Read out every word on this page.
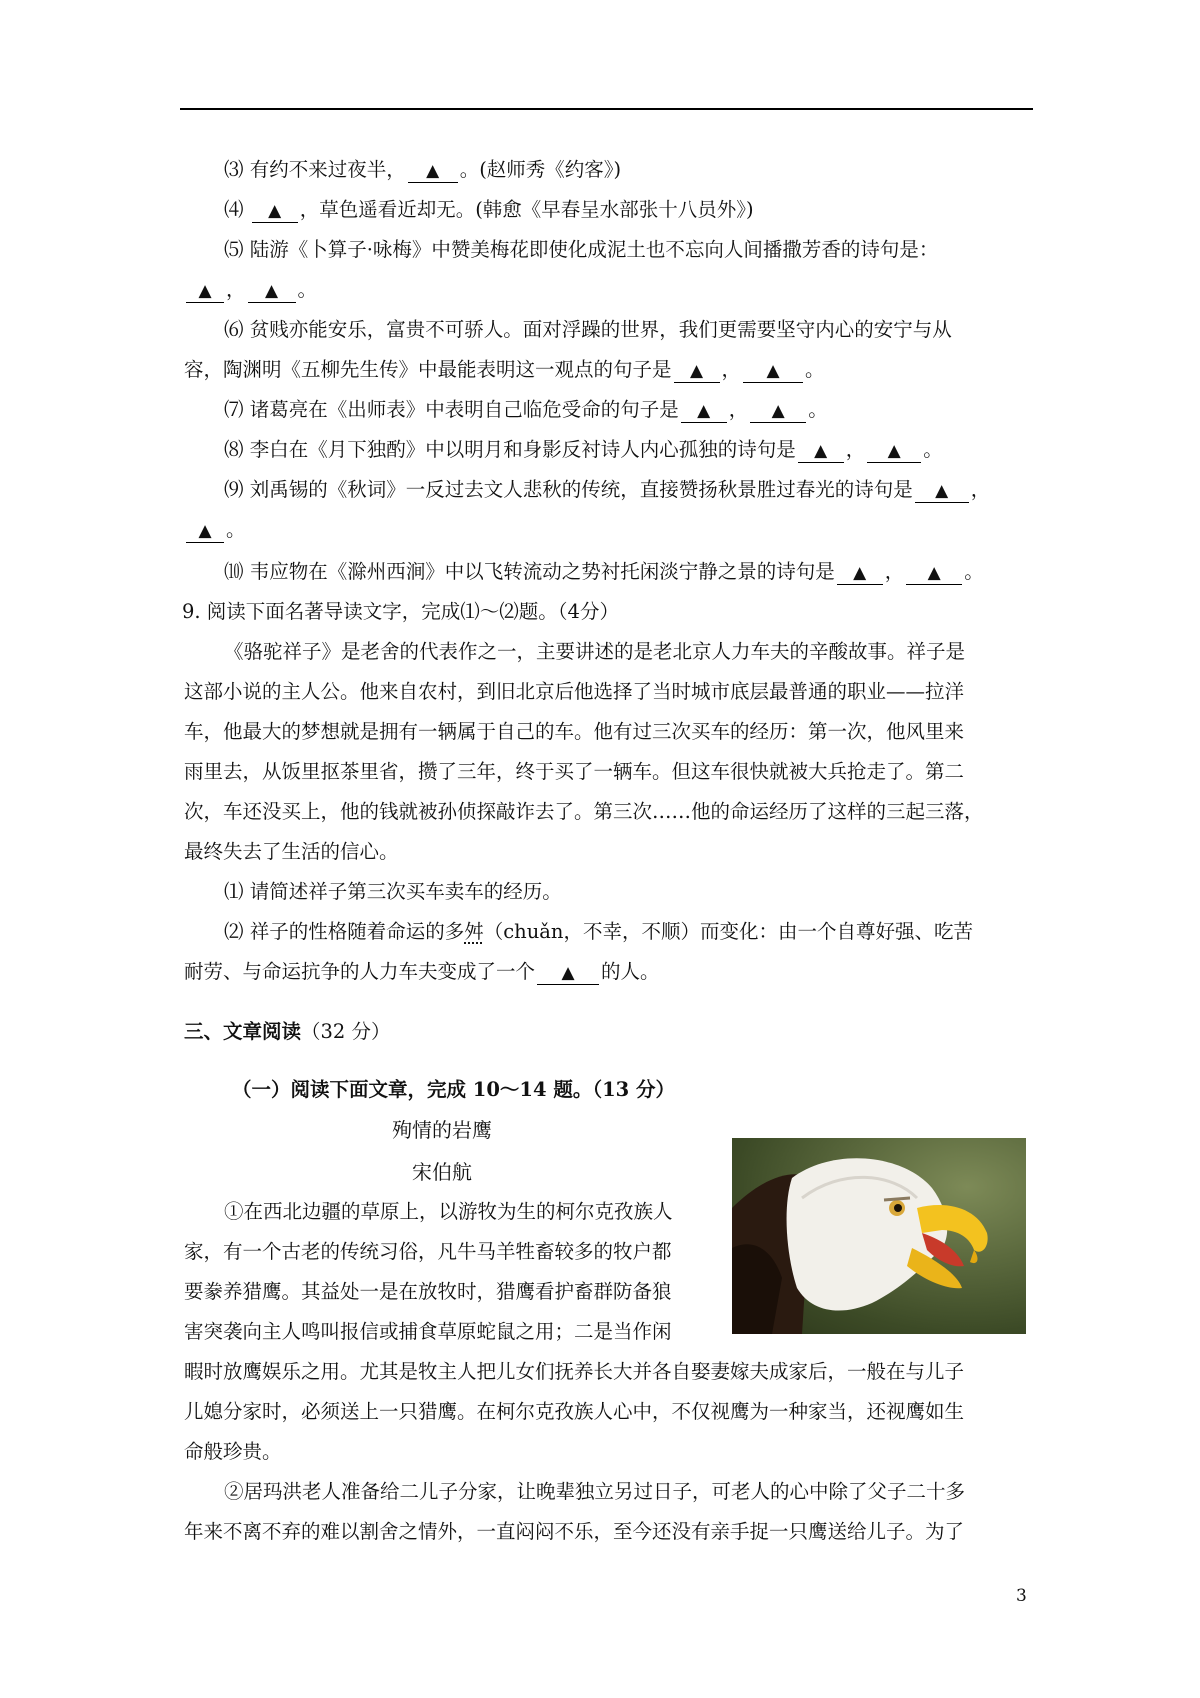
⑶ 有约不来过夜半， ▲ 。(赵师秀《约客》)
⑷ ▲ ，草色遥看近却无。(韩愈《早春呈水部张十八员外》)
⑸ 陆游《卜算子·咏梅》中赞美梅花即使化成泥土也不忘向人间播撒芳香的诗句是：
▲ ， ▲ 。
⑹ 贫贱亦能安乐，富贵不可骄人。面对浮躁的世界，我们更需要坚守内心的安宁与从
容，陶渊明《五柳先生传》中最能表明这一观点的句子是 ▲ ， ▲ 。
⑺ 诸葛亮在《出师表》中表明自己临危受命的句子是 ▲ ， ▲ 。
⑻ 李白在《月下独酌》中以明月和身影反衬诗人内心孤独的诗句是 ▲ ， ▲ 。
⑼ 刘禹锡的《秋词》一反过去文人悲秋的传统，直接赞扬秋景胜过春光的诗句是 ▲ ，
▲ 。
⑽ 韦应物在《滁州西涧》中以飞转流动之势衬托闲淡宁静之景的诗句是 ▲ ， ▲ 。
9. 阅读下面名著导读文字，完成⑴～⑵题。（4分）
《骆驼祥子》是老舍的代表作之一，主要讲述的是老北京人力车夫的辛酸故事。祥子是
这部小说的主人公。他来自农村，到旧北京后他选择了当时城市底层最普通的职业——拉洋
车，他最大的梦想就是拥有一辆属于自己的车。他有过三次买车的经历：第一次，他风里来
雨里去，从饭里抠茶里省，攒了三年，终于买了一辆车。但这车很快就被大兵抢走了。第二
次，车还没买上，他的钱就被孙侦探敲诈去了。第三次……他的命运经历了这样的三起三落，
最终失去了生活的信心。
⑴ 请简述祥子第三次买车卖车的经历。
⑵ 祥子的性格随着命运的多舛（chuǎn，不幸，不顺）而变化：由一个自尊好强、吃苦
耐劳、与命运抗争的人力车夫变成了一个 ▲ 的人。
三、文章阅读（32 分）
（一）阅读下面文章，完成 10～14 题。（13 分）
殉情的岩鹰
宋伯航
①在西北边疆的草原上，以游牧为生的柯尔克孜族人
家，有一个古老的传统习俗，凡牛马羊牲畜较多的牧户都
要豢养猎鹰。其益处一是在放牧时，猎鹰看护畜群防备狼
害突袭向主人鸣叫报信或捕食草原蛇鼠之用；二是当作闲
暇时放鹰娱乐之用。尤其是牧主人把儿女们抚养长大并各自娶妻嫁夫成家后，一般在与儿子
儿媳分家时，必须送上一只猎鹰。在柯尔克孜族人心中，不仅视鹰为一种家当，还视鹰如生
命般珍贵。
②居玛洪老人准备给二儿子分家，让晚辈独立另过日子，可老人的心中除了父子二十多
年来不离不弃的难以割舍之情外，一直闷闷不乐，至今还没有亲手捉一只鹰送给儿子。为了
3
